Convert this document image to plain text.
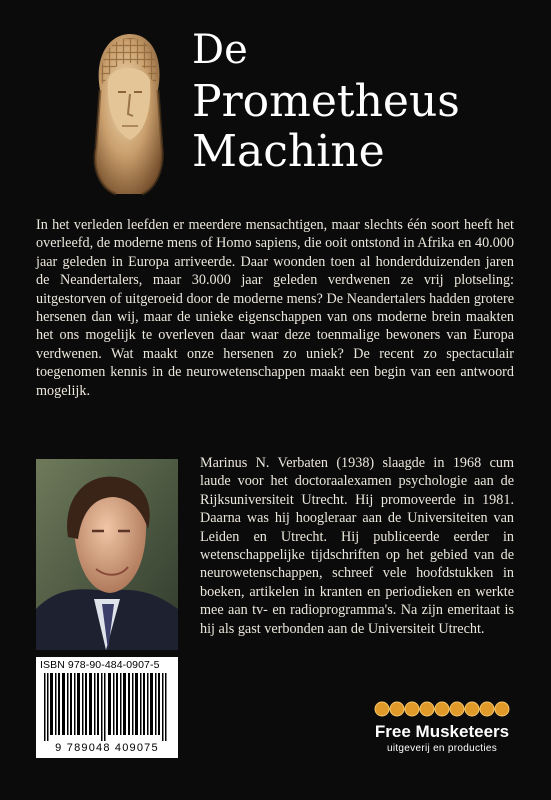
De
Prometheus
Machine

In het verleden leefden er meerdere mensachtigen, maar slechts één soort heeft het overleefd, de moderne mens of Homo sapiens, die ooit ontstond in Afrika en 40.000 jaar geleden in Europa arriveerde. Daar woonden toen al honderdduizenden jaren de Neandertalers, maar 30.000 jaar geleden verdwenen ze vrij plotseling: uitgestorven of uitgeroeid door de moderne mens? De Neandertalers hadden grotere hersenen dan wij, maar de unieke eigenschappen van ons moderne brein maakten het ons mogelijk te overleven daar waar deze toenmalige bewoners van Europa verdwenen. Wat maakt onze hersenen zo uniek? De recent zo spectaculair toegenomen kennis in de neurowetenschappen maakt een begin van een antwoord mogelijk.

Marinus N. Verbaten (1938) slaagde in 1968 cum laude voor het doctoraalexamen psychologie aan de Rijksuniversiteit Utrecht. Hij promoveerde in 1981. Daarna was hij hoogleraar aan de Universiteiten van Leiden en Utrecht. Hij publiceerde eerder in wetenschappelijke tijdschriften op het gebied van de neurowetenschappen, schreef vele hoofdstukken in boeken, artikelen in kranten en periodieken en werkte mee aan tv- en radioprogramma's. Na zijn emeritaat is hij als gast verbonden aan de Universiteit Utrecht.

ISBN 978-90-484-0907-5
9 789048 409075
Free Musketeers
uitgeverij en producties
